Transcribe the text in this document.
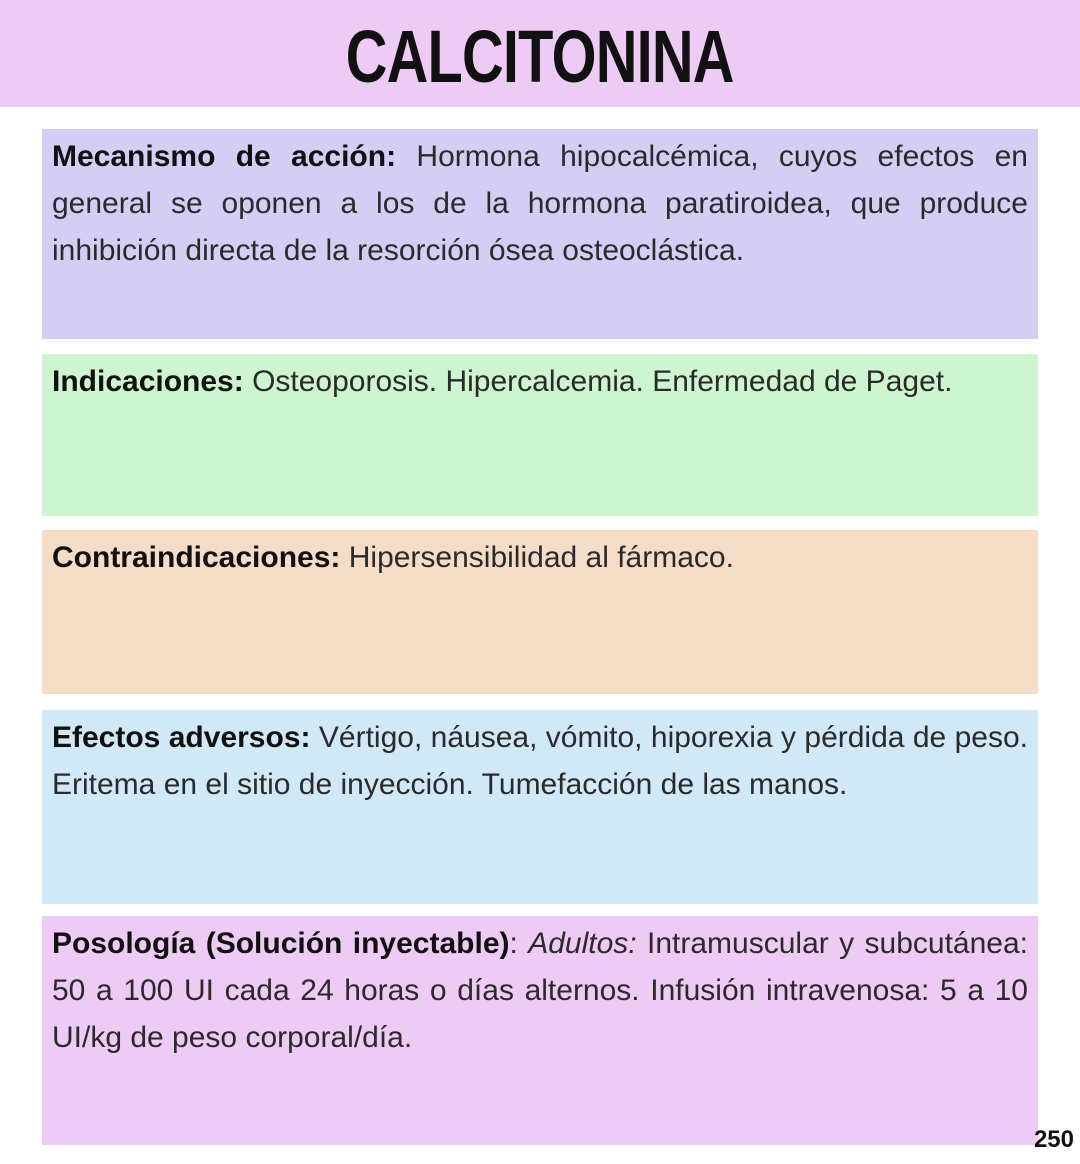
CALCITONINA
Mecanismo de acción: Hormona hipocalcémica, cuyos efectos en general se oponen a los de la hormona paratiroidea, que produce inhibición directa de la resorción ósea osteoclástica.
Indicaciones: Osteoporosis. Hipercalcemia. Enfermedad de Paget.
Contraindicaciones: Hipersensibilidad al fármaco.
Efectos adversos: Vértigo, náusea, vómito, hiporexia y pérdida de peso. Eritema en el sitio de inyección. Tumefacción de las manos.
Posología (Solución inyectable): Adultos: Intramuscular y subcutánea: 50 a 100 UI cada 24 horas o días alternos. Infusión intravenosa: 5 a 10 UI/kg de peso corporal/día.
250
